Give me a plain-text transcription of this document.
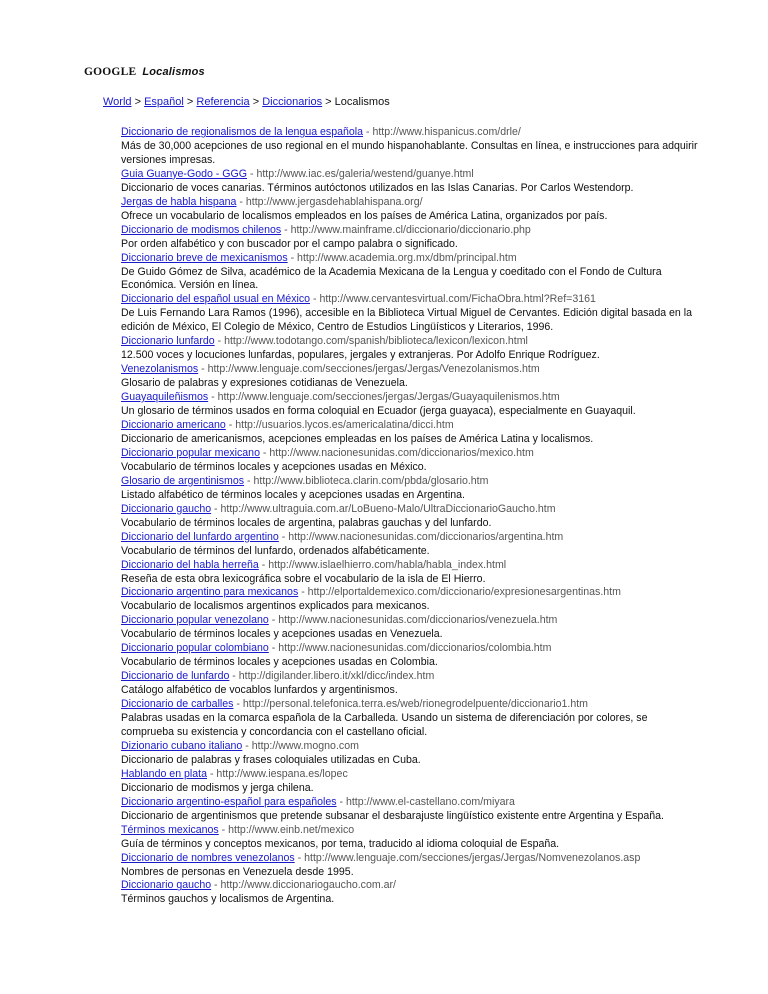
GOOGLE Localismos
World > Español > Referencia > Diccionarios > Localismos
Diccionario de regionalismos de la lengua española - http://www.hispanicus.com/drle/
Más de 30,000 acepciones de uso regional en el mundo hispanohablante. Consultas en línea, e instrucciones para adquirir versiones impresas.
Guia Guanye-Godo - GGG - http://www.iac.es/galeria/westend/guanye.html
Diccionario de voces canarias. Términos autóctonos utilizados en las Islas Canarias. Por Carlos Westendorp.
Jergas de habla hispana - http://www.jergasdehablahispana.org/
Ofrece un vocabulario de localismos empleados en los países de América Latina, organizados por país.
Diccionario de modismos chilenos - http://www.mainframe.cl/diccionario/diccionario.php
Por orden alfabético y con buscador por el campo palabra o significado.
Diccionario breve de mexicanismos - http://www.academia.org.mx/dbm/principal.htm
De Guido Gómez de Silva, académico de la Academia Mexicana de la Lengua y coeditado con el Fondo de Cultura Económica. Versión en línea.
Diccionario del español usual en México - http://www.cervantesvirtual.com/FichaObra.html?Ref=3161
De Luis Fernando Lara Ramos (1996), accesible en la Biblioteca Virtual Miguel de Cervantes. Edición digital basada en la edición de México, El Colegio de México, Centro de Estudios Lingüísticos y Literarios, 1996.
Diccionario lunfardo - http://www.todotango.com/spanish/biblioteca/lexicon/lexicon.html
12.500 voces y locuciones lunfardas, populares, jergales y extranjeras. Por Adolfo Enrique Rodríguez.
Venezolanismos - http://www.lenguaje.com/secciones/jergas/Jergas/Venezolanismos.htm
Glosario de palabras y expresiones cotidianas de Venezuela.
Guayaquileñismos - http://www.lenguaje.com/secciones/jergas/Jergas/Guayaquilenismos.htm
Un glosario de términos usados en forma coloquial en Ecuador (jerga guayaca), especialmente en Guayaquil.
Diccionario americano - http://usuarios.lycos.es/americalatina/dicci.htm
Diccionario de americanismos, acepciones empleadas en los países de América Latina y localismos.
Diccionario popular mexicano - http://www.nacionesunidas.com/diccionarios/mexico.htm
Vocabulario de términos locales y acepciones usadas en México.
Glosario de argentinismos - http://www.biblioteca.clarin.com/pbda/glosario.htm
Listado alfabético de términos locales y acepciones usadas en Argentina.
Diccionario gaucho - http://www.ultraguia.com.ar/LoBueno-Malo/UltraDiccionarioGaucho.htm
Vocabulario de términos locales de argentina, palabras gauchas y del lunfardo.
Diccionario del lunfardo argentino - http://www.nacionesunidas.com/diccionarios/argentina.htm
Vocabulario de términos del lunfardo, ordenados alfabéticamente.
Diccionario del habla herreña - http://www.islaelhierro.com/habla/habla_index.html
Reseña de esta obra lexicográfica sobre el vocabulario de la isla de El Hierro.
Diccionario argentino para mexicanos - http://elportaldemexico.com/diccionario/expresionesargentinas.htm
Vocabulario de localismos argentinos explicados para mexicanos.
Diccionario popular venezolano - http://www.nacionesunidas.com/diccionarios/venezuela.htm
Vocabulario de términos locales y acepciones usadas en Venezuela.
Diccionario popular colombiano - http://www.nacionesunidas.com/diccionarios/colombia.htm
Vocabulario de términos locales y acepciones usadas en Colombia.
Diccionario de lunfardo - http://digilander.libero.it/xkl/dicc/index.htm
Catálogo alfabético de vocablos lunfardos y argentinismos.
Diccionario de carballes - http://personal.telefonica.terra.es/web/rionegrodelpuente/diccionario1.htm
Palabras usadas en la comarca española de la Carballeda. Usando un sistema de diferenciación por colores, se comprueba su existencia y concordancia con el castellano oficial.
Dizionario cubano italiano - http://www.mogno.com
Diccionario de palabras y frases coloquiales utilizadas en Cuba.
Hablando en plata - http://www.iespana.es/lopec
Diccionario de modismos y jerga chilena.
Diccionario argentino-español para españoles - http://www.el-castellano.com/miyara
Diccionario de argentinismos que pretende subsanar el desbarajuste lingüístico existente entre Argentina y España.
Términos mexicanos - http://www.einb.net/mexico
Guía de términos y conceptos mexicanos, por tema, traducido al idioma coloquial de España.
Diccionario de nombres venezolanos - http://www.lenguaje.com/secciones/jergas/Jergas/Nomvenezolanos.asp
Nombres de personas en Venezuela desde 1995.
Diccionario gaucho - http://www.diccionariogaucho.com.ar/
Términos gauchos y localismos de Argentina.
